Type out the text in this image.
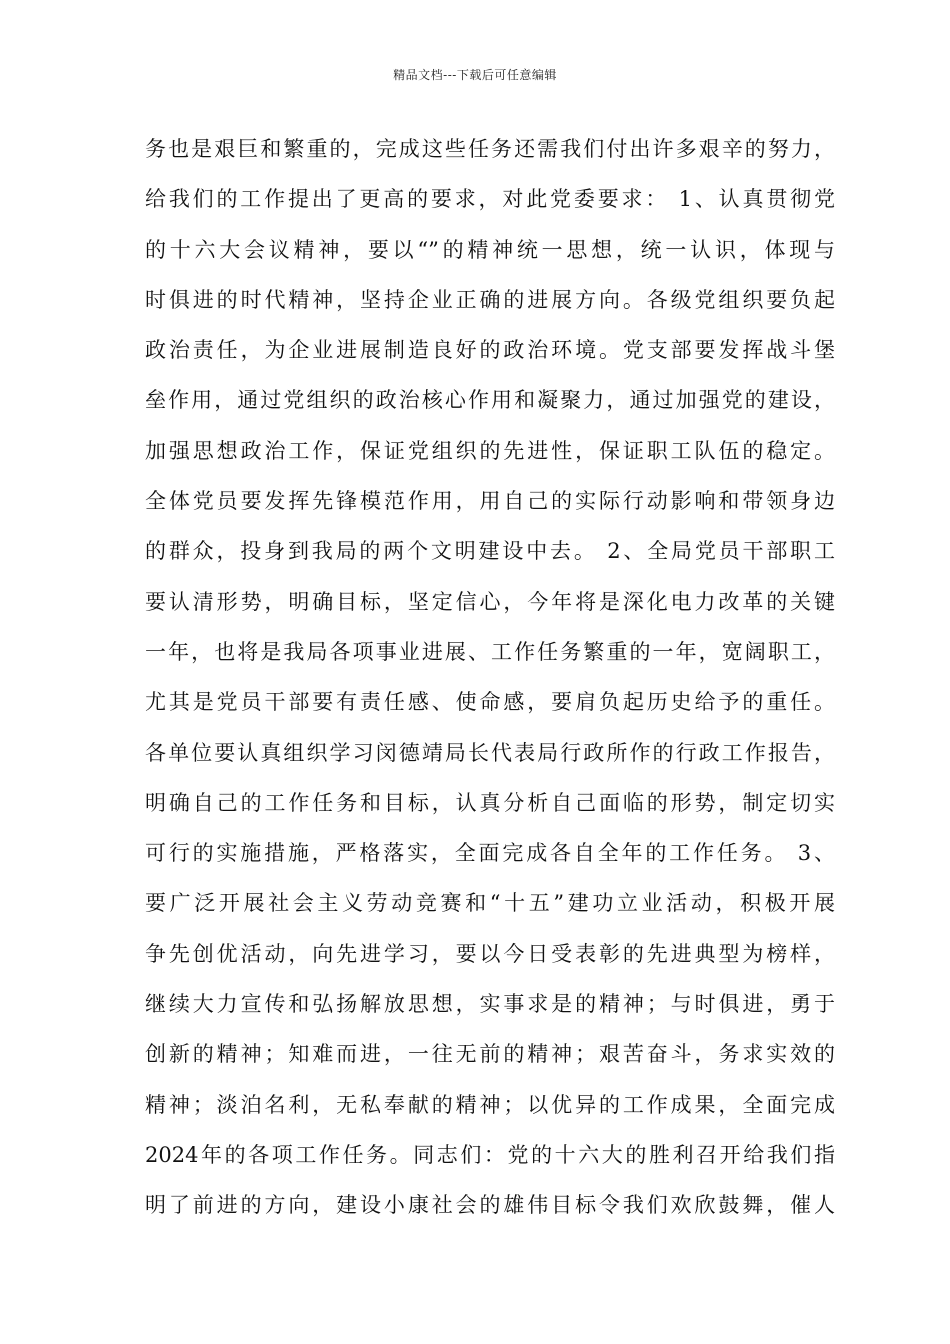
精品文档---下载后可任意编辑
务也是艰巨和繁重的，完成这些任务还需我们付出许多艰辛的努力，
给我们的工作提出了更高的要求，对此党委要求： 1、认真贯彻党
的十六大会议精神，要以“”的精神统一思想，统一认识，体现与
时俱进的时代精神，坚持企业正确的进展方向。各级党组织要负起
政治责任，为企业进展制造良好的政治环境。党支部要发挥战斗堡
垒作用，通过党组织的政治核心作用和凝聚力，通过加强党的建设，
加强思想政治工作，保证党组织的先进性，保证职工队伍的稳定。
全体党员要发挥先锋模范作用，用自己的实际行动影响和带领身边
的群众，投身到我局的两个文明建设中去。 2、全局党员干部职工
要认清形势，明确目标，坚定信心，今年将是深化电力改革的关键
一年，也将是我局各项事业进展、工作任务繁重的一年，宽阔职工，
尤其是党员干部要有责任感、使命感，要肩负起历史给予的重任。
各单位要认真组织学习闵德靖局长代表局行政所作的行政工作报告，
明确自己的工作任务和目标，认真分析自己面临的形势，制定切实
可行的实施措施，严格落实，全面完成各自全年的工作任务。 3、
要广泛开展社会主义劳动竞赛和“十五”建功立业活动，积极开展
争先创优活动，向先进学习，要以今日受表彰的先进典型为榜样，
继续大力宣传和弘扬解放思想，实事求是的精神；与时俱进，勇于
创新的精神；知难而进，一往无前的精神；艰苦奋斗，务求实效的
精神；淡泊名利，无私奉献的精神；以优异的工作成果，全面完成
2024年的各项工作任务。同志们：党的十六大的胜利召开给我们指
明了前进的方向，建设小康社会的雄伟目标令我们欢欣鼓舞，催人
